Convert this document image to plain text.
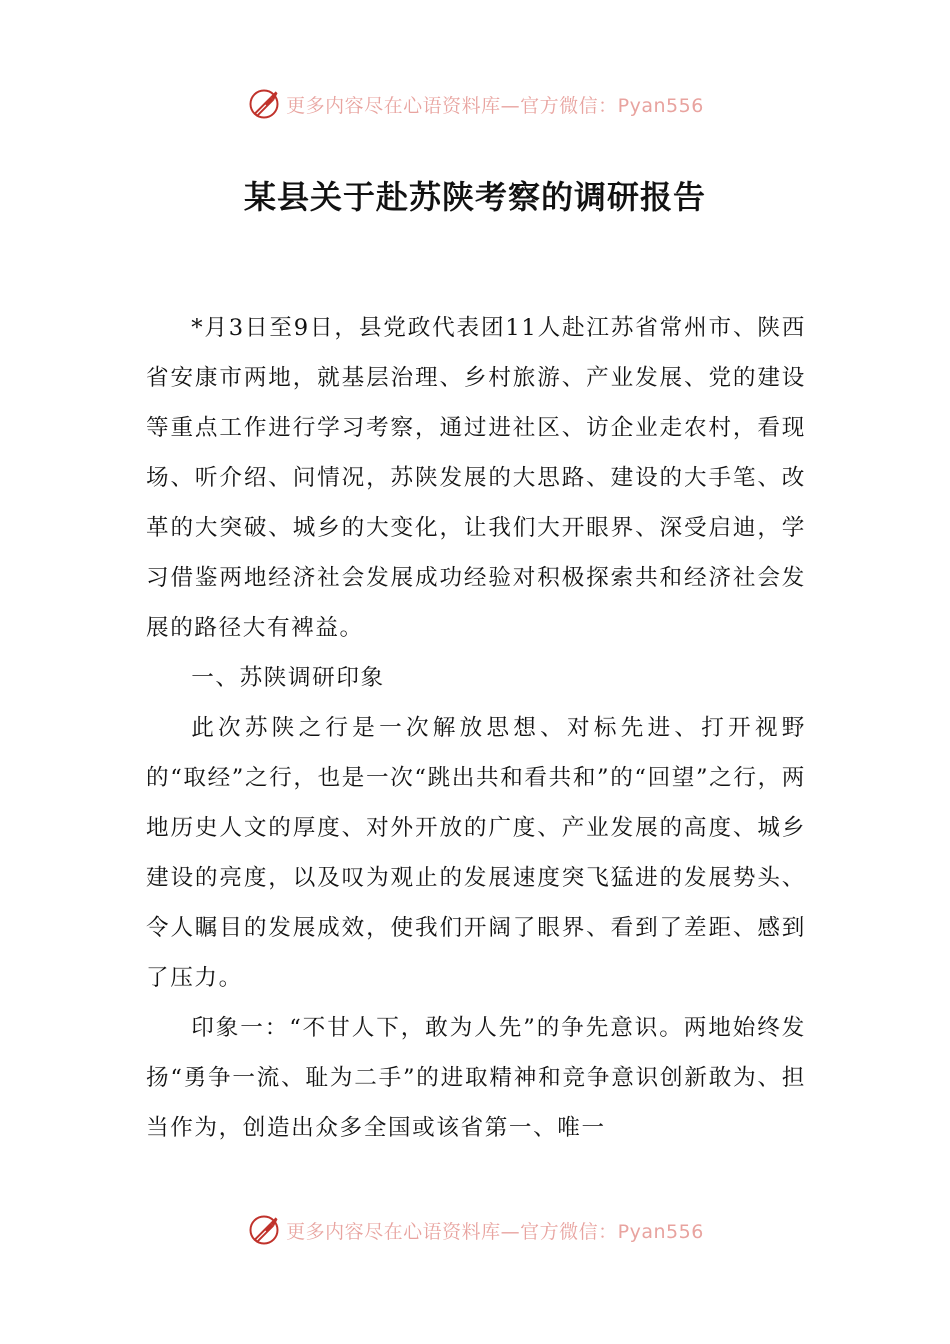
更多内容尽在心语资料库—官方微信：Pyan556
某县关于赴苏陕考察的调研报告

*月3日至9日，县党政代表团11人赴江苏省常州市、陕西省安康市两地，就基层治理、乡村旅游、产业发展、党的建设等重点工作进行学习考察，通过进社区、访企业走农村，看现场、听介绍、问情况，苏陕发展的大思路、建设的大手笔、改革的大突破、城乡的大变化，让我们大开眼界、深受启迪，学习借鉴两地经济社会发展成功经验对积极探索共和经济社会发展的路径大有裨益。

一、苏陕调研印象

此次苏陕之行是一次解放思想、对标先进、打开视野的“取经”之行，也是一次“跳出共和看共和”的“回望”之行，两地历史人文的厚度、对外开放的广度、产业发展的高度、城乡建设的亮度，以及叹为观止的发展速度突飞猛进的发展势头、令人瞩目的发展成效，使我们开阔了眼界、看到了差距、感到了压力。

印象一：“不甘人下，敢为人先”的争先意识。两地始终发扬“勇争一流、耻为二手”的进取精神和竞争意识创新敢为、担当作为，创造出众多全国或该省第一、唯一

更多内容尽在心语资料库—官方微信：Pyan556
